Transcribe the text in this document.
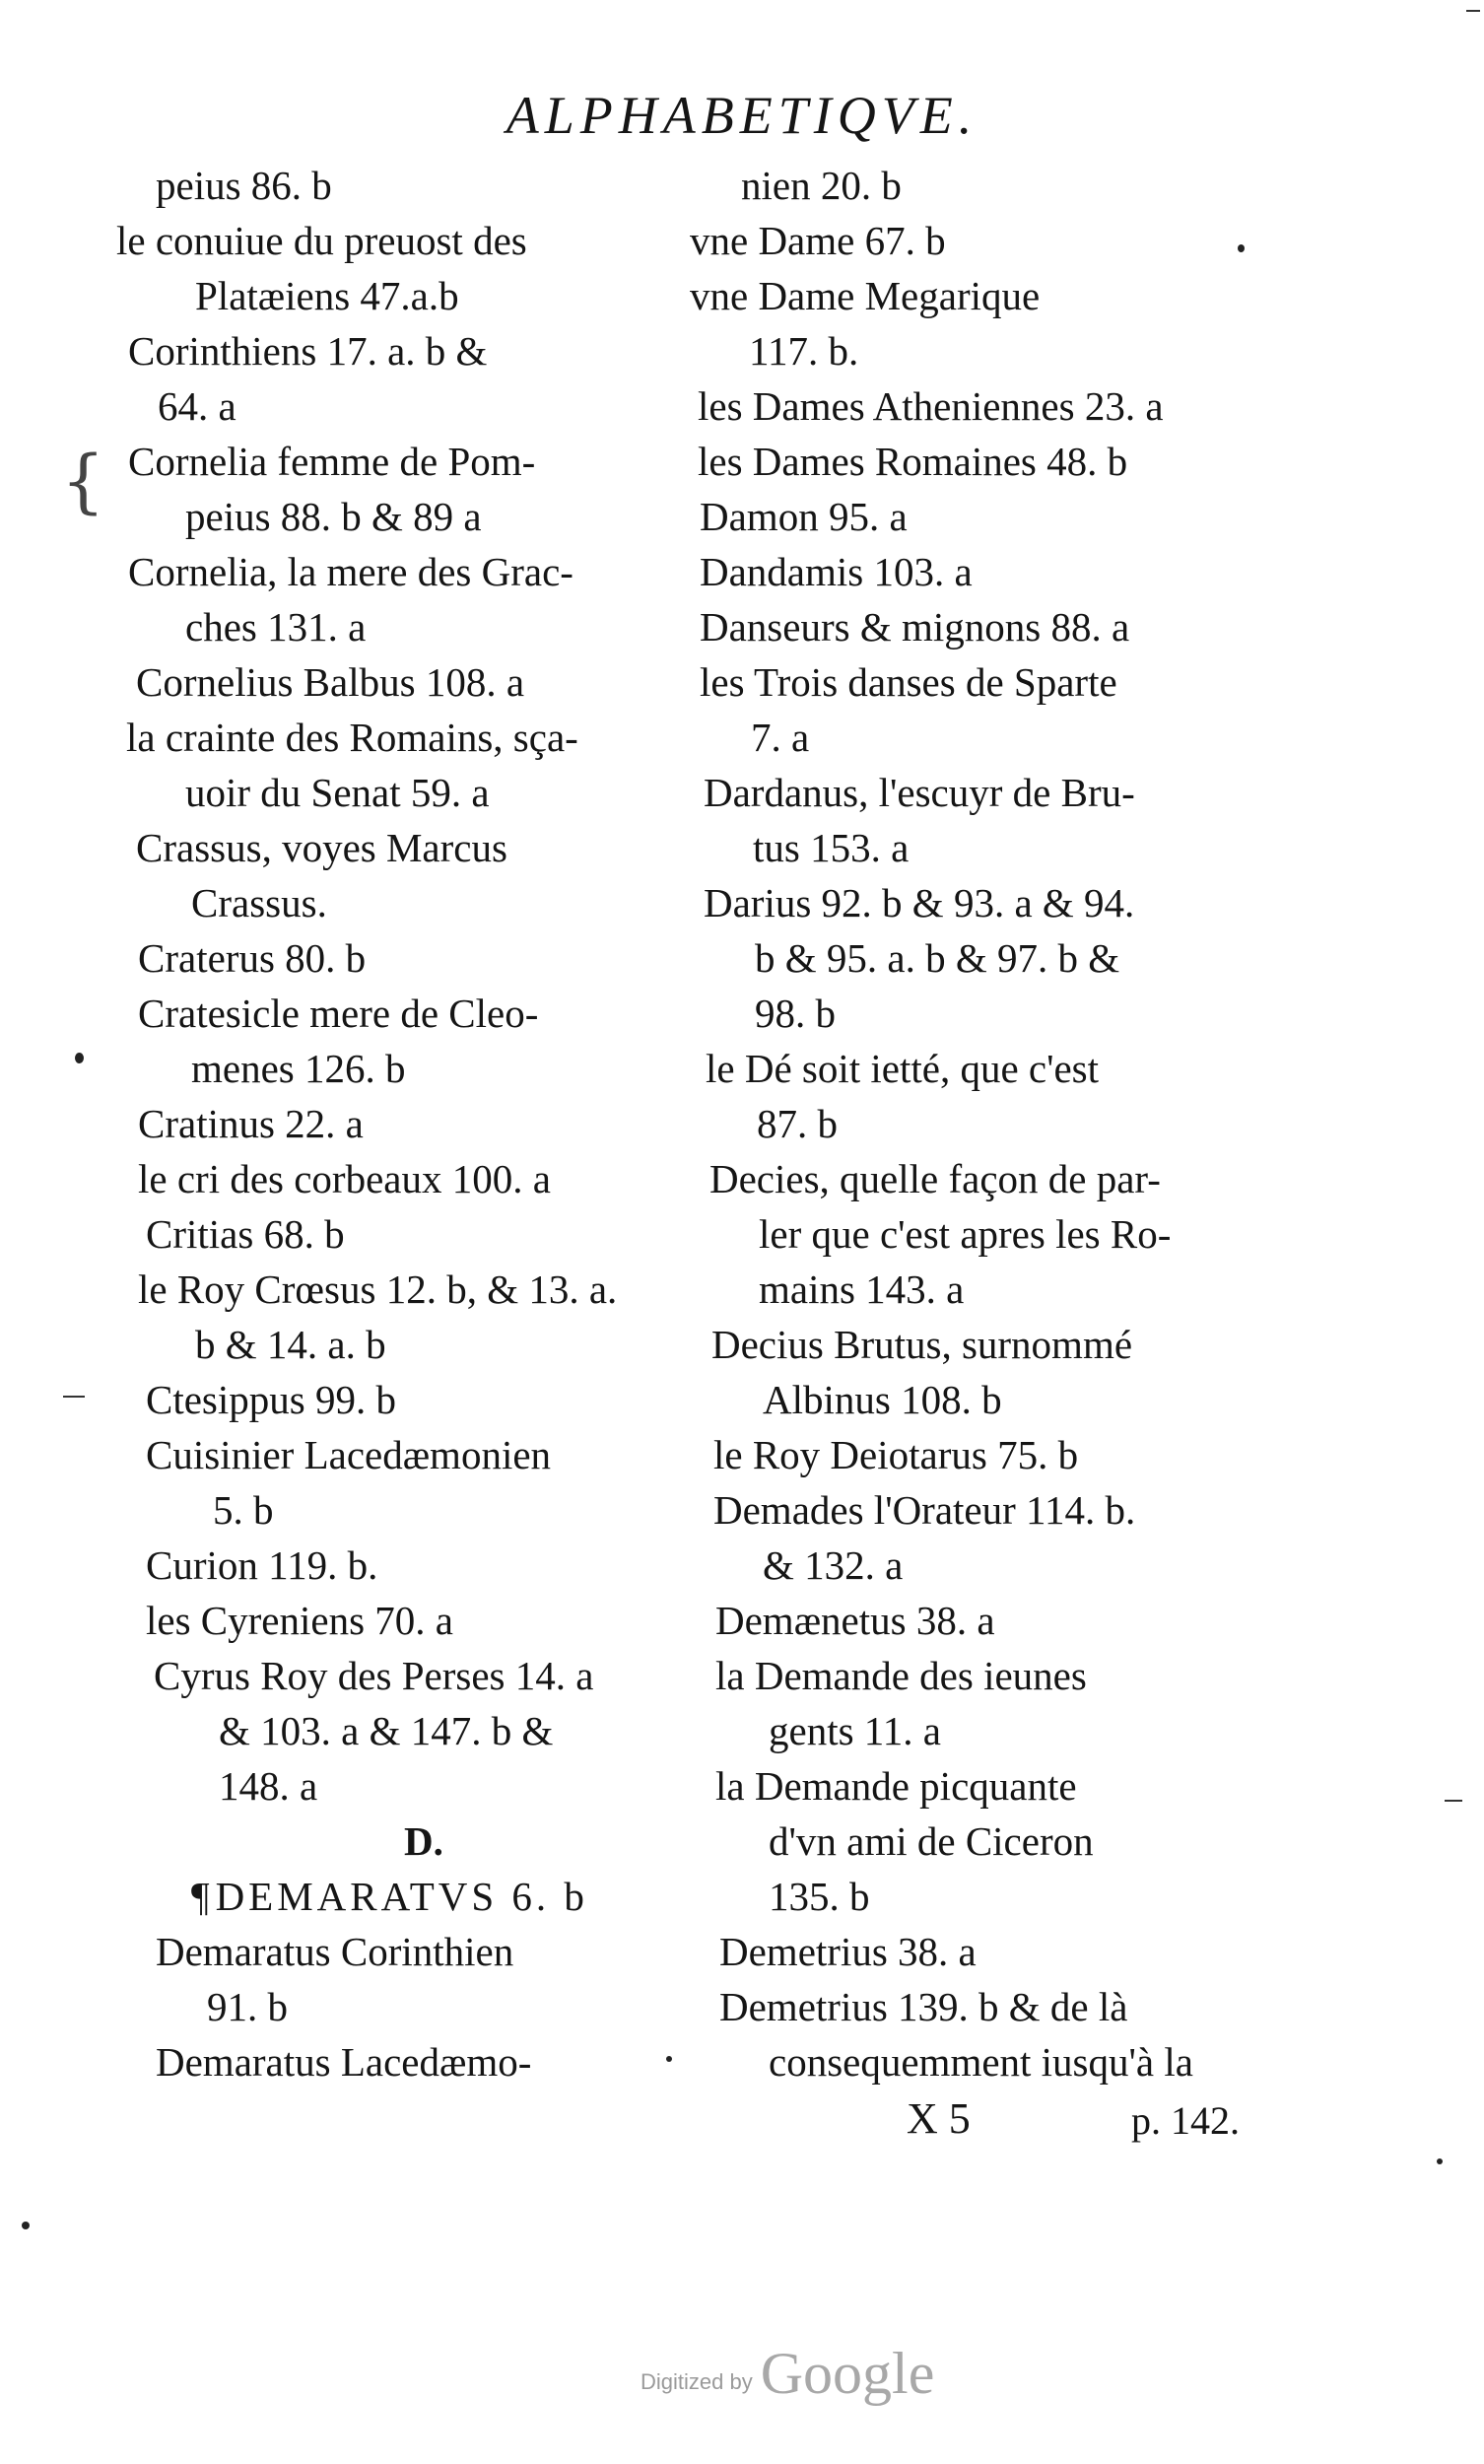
ALPHABETIQVE.
{
peius 86. b
le conuiue du preuost des
Platæiens 47.a.b
Corinthiens 17. a. b &
64. a
Cornelia femme de Pom-
peius 88. b & 89 a
Cornelia, la mere des Grac-
ches 131. a
Cornelius Balbus 108. a
la crainte des Romains, sça-
uoir du Senat 59. a
Crassus, voyes Marcus
Crassus.
Craterus 80. b
Cratesicle mere de Cleo-
menes 126. b
Cratinus 22. a
le cri des corbeaux 100. a
Critias 68. b
le Roy Crœsus 12. b, & 13. a.
b & 14. a. b
Ctesippus 99. b
Cuisinier Lacedæmonien
5. b
Curion 119. b.
les Cyreniens 70. a
Cyrus Roy des Perses 14. a
& 103. a & 147. b &
148. a
D.
¶ DEMARATVS 6. b
Demaratus Corinthien
91. b
Demaratus Lacedæmo-
nien 20. b
vne Dame 67. b
vne Dame Megarique
117. b.
les Dames Atheniennes 23. a
les Dames Romaines 48. b
Damon 95. a
Dandamis 103. a
Danseurs & mignons 88. a
les Trois danses de Sparte
7. a
Dardanus, l'escuyr de Bru-
tus 153. a
Darius 92. b & 93. a & 94.
b & 95. a. b & 97. b &
98. b
le Dé soit ietté, que c'est
87. b
Decies, quelle façon de par-
ler que c'est apres les Ro-
mains 143. a
Decius Brutus, surnommé
Albinus 108. b
le Roy Deiotarus 75. b
Demades l'Orateur 114. b.
& 132. a
Demænetus 38. a
la Demande des ieunes
gents 11. a
la Demande picquante
d'vn ami de Ciceron
135. b
Demetrius 38. a
Demetrius 139. b & de là
consequemment iusqu'à la
X 5	p. 142.
Digitized by Google
